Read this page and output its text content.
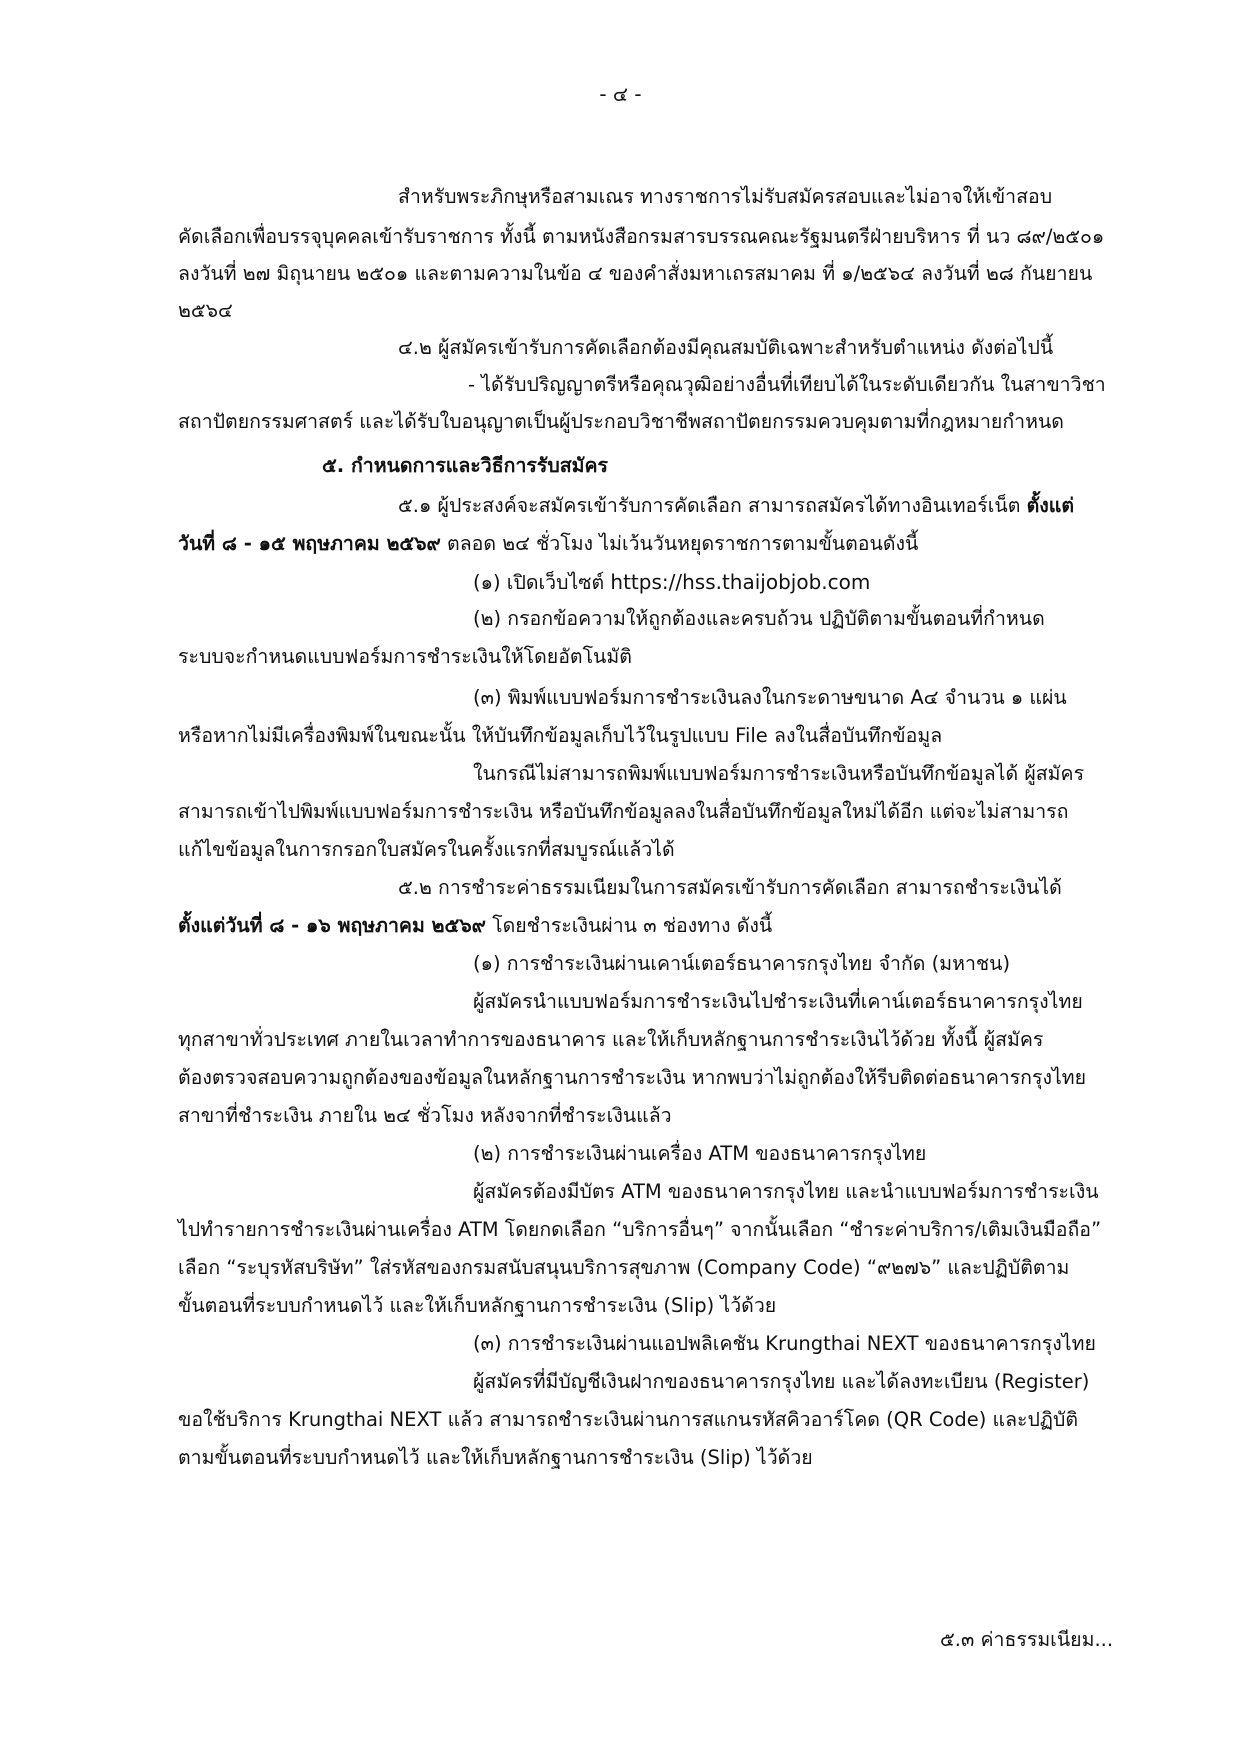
- ๔ -
สำหรับพระภิกษุหรือสามเณร ทางราชการไม่รับสมัครสอบและไม่อาจให้เข้าสอบ
คัดเลือกเพื่อบรรจุบุคคลเข้ารับราชการ ทั้งนี้ ตามหนังสือกรมสารบรรณคณะรัฐมนตรีฝ่ายบริหาร ที่ นว ๘๙/๒๕๐๑
ลงวันที่ ๒๗ มิถุนายน ๒๕๐๑ และตามความในข้อ ๔ ของคำสั่งมหาเถรสมาคม ที่ ๑/๒๕๖๔ ลงวันที่ ๒๘ กันยายน
๒๕๖๔
๔.๒ ผู้สมัครเข้ารับการคัดเลือกต้องมีคุณสมบัติเฉพาะสำหรับตำแหน่ง ดังต่อไปนี้
- ได้รับปริญญาตรีหรือคุณวุฒิอย่างอื่นที่เทียบได้ในระดับเดียวกัน ในสาขาวิชา
สถาปัตยกรรมศาสตร์ และได้รับใบอนุญาตเป็นผู้ประกอบวิชาชีพสถาปัตยกรรมควบคุมตามที่กฎหมายกำหนด
๕. กำหนดการและวิธีการรับสมัคร
๕.๑ ผู้ประสงค์จะสมัครเข้ารับการคัดเลือก สามารถสมัครได้ทางอินเทอร์เน็ต ตั้งแต่
วันที่ ๘ - ๑๕ พฤษภาคม ๒๕๖๙ ตลอด ๒๔ ชั่วโมง ไม่เว้นวันหยุดราชการตามขั้นตอนดังนี้
(๑) เปิดเว็บไซต์ https://hss.thaijobjob.com
(๒) กรอกข้อความให้ถูกต้องและครบถ้วน ปฏิบัติตามขั้นตอนที่กำหนด
ระบบจะกำหนดแบบฟอร์มการชำระเงินให้โดยอัตโนมัติ
(๓) พิมพ์แบบฟอร์มการชำระเงินลงในกระดาษขนาด A๔ จำนวน ๑ แผ่น
หรือหากไม่มีเครื่องพิมพ์ในขณะนั้น ให้บันทึกข้อมูลเก็บไว้ในรูปแบบ File ลงในสื่อบันทึกข้อมูล
ในกรณีไม่สามารถพิมพ์แบบฟอร์มการชำระเงินหรือบันทึกข้อมูลได้ ผู้สมัคร
สามารถเข้าไปพิมพ์แบบฟอร์มการชำระเงิน หรือบันทึกข้อมูลลงในสื่อบันทึกข้อมูลใหม่ได้อีก แต่จะไม่สามารถ
แก้ไขข้อมูลในการกรอกใบสมัครในครั้งแรกที่สมบูรณ์แล้วได้
๕.๒ การชำระค่าธรรมเนียมในการสมัครเข้ารับการคัดเลือก สามารถชำระเงินได้
ตั้งแต่วันที่ ๘ - ๑๖ พฤษภาคม ๒๕๖๙ โดยชำระเงินผ่าน ๓ ช่องทาง ดังนี้
(๑) การชำระเงินผ่านเคาน์เตอร์ธนาคารกรุงไทย จำกัด (มหาชน)
ผู้สมัครนำแบบฟอร์มการชำระเงินไปชำระเงินที่เคาน์เตอร์ธนาคารกรุงไทย
ทุกสาขาทั่วประเทศ ภายในเวลาทำการของธนาคาร และให้เก็บหลักฐานการชำระเงินไว้ด้วย ทั้งนี้ ผู้สมัคร
ต้องตรวจสอบความถูกต้องของข้อมูลในหลักฐานการชำระเงิน หากพบว่าไม่ถูกต้องให้รีบติดต่อธนาคารกรุงไทย
สาขาที่ชำระเงิน ภายใน ๒๔ ชั่วโมง หลังจากที่ชำระเงินแล้ว
(๒) การชำระเงินผ่านเครื่อง ATM ของธนาคารกรุงไทย
ผู้สมัครต้องมีบัตร ATM ของธนาคารกรุงไทย และนำแบบฟอร์มการชำระเงิน
ไปทำรายการชำระเงินผ่านเครื่อง ATM โดยกดเลือก “บริการอื่นๆ” จากนั้นเลือก “ชำระค่าบริการ/เติมเงินมือถือ”
เลือก “ระบุรหัสบริษัท” ใส่รหัสของกรมสนับสนุนบริการสุขภาพ (Company Code) “๙๒๗๖” และปฏิบัติตาม
ขั้นตอนที่ระบบกำหนดไว้ และให้เก็บหลักฐานการชำระเงิน (Slip) ไว้ด้วย
(๓) การชำระเงินผ่านแอปพลิเคชัน Krungthai NEXT ของธนาคารกรุงไทย
ผู้สมัครที่มีบัญชีเงินฝากของธนาคารกรุงไทย และได้ลงทะเบียน (Register)
ขอใช้บริการ Krungthai NEXT แล้ว สามารถชำระเงินผ่านการสแกนรหัสคิวอาร์โคด (QR Code) และปฏิบัติ
ตามขั้นตอนที่ระบบกำหนดไว้ และให้เก็บหลักฐานการชำระเงิน (Slip) ไว้ด้วย
๕.๓ ค่าธรรมเนียม...
